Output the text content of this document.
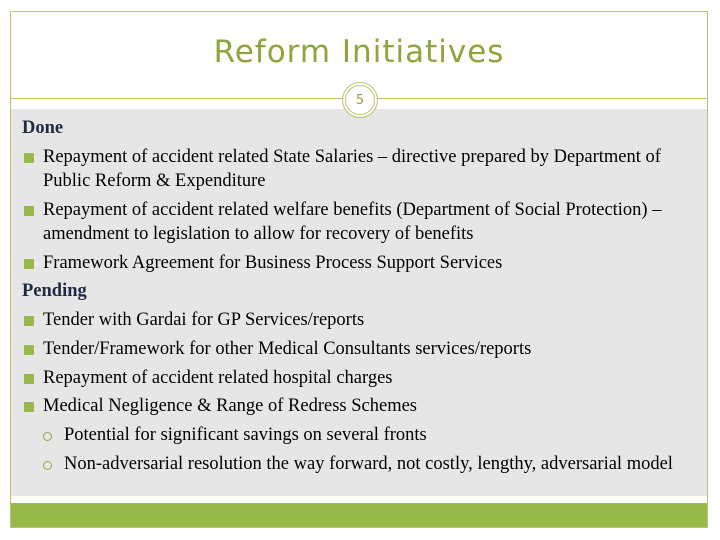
Reform Initiatives
5
Done
Repayment of accident related State Salaries – directive prepared by Department of Public Reform & Expenditure
Repayment of accident related welfare benefits (Department of Social Protection) – amendment to legislation to allow for recovery of benefits
Framework Agreement for Business Process Support Services
Pending
Tender with Gardai for GP Services/reports
Tender/Framework for other Medical Consultants services/reports
Repayment of accident related hospital charges
Medical Negligence & Range of Redress Schemes
Potential for significant savings on several fronts
Non-adversarial resolution the way forward, not costly, lengthy, adversarial model
